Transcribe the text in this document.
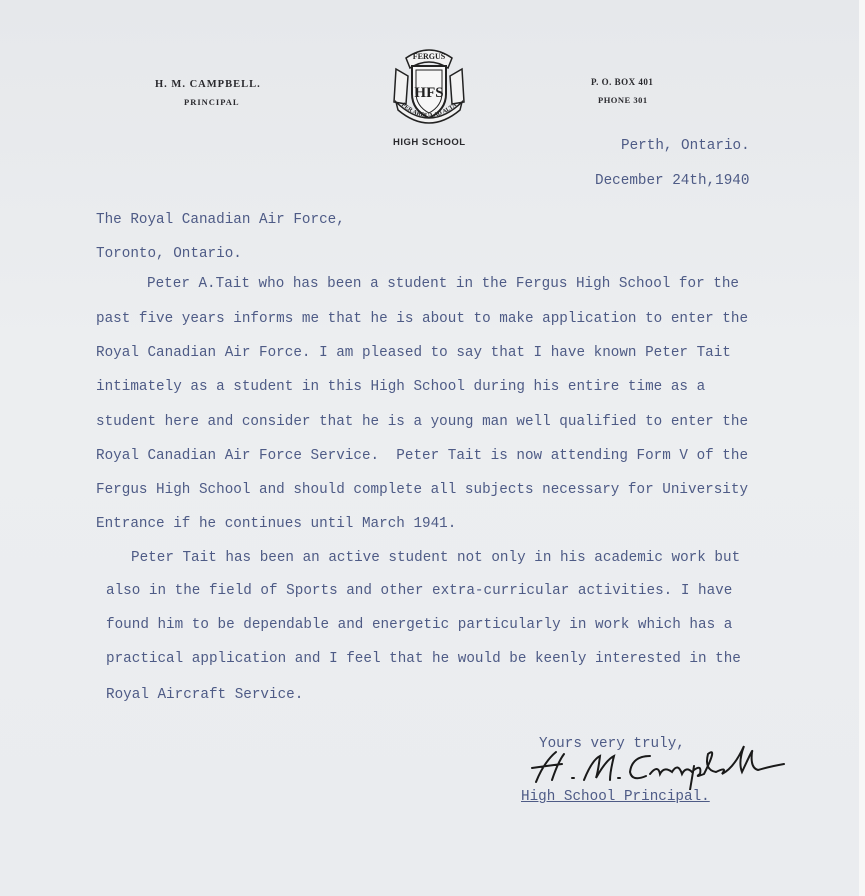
H. M. CAMPBELL.
PRINCIPAL
FERGUS
HFS
PER ARDUA AD ALTA
HIGH SCHOOL
P. O. BOX 401
PHONE 301
Perth, Ontario.
December 24th,1940
The Royal Canadian Air Force,
Toronto, Ontario.
Peter A.Tait who has been a student in the Fergus High School for the
past five years informs me that he is about to make application to enter the
Royal Canadian Air Force. I am pleased to say that I have known Peter Tait
intimately as a student in this High School during his entire time as a
student here and consider that he is a young man well qualified to enter the
Royal Canadian Air Force Service.  Peter Tait is now attending Form V of the
Fergus High School and should complete all subjects necessary for University
Entrance if he continues until March 1941.
Peter Tait has been an active student not only in his academic work but
also in the field of Sports and other extra-curricular activities. I have
found him to be dependable and energetic particularly in work which has a
practical application and I feel that he would be keenly interested in the
Royal Aircraft Service.
Yours very truly,
High School Principal.
